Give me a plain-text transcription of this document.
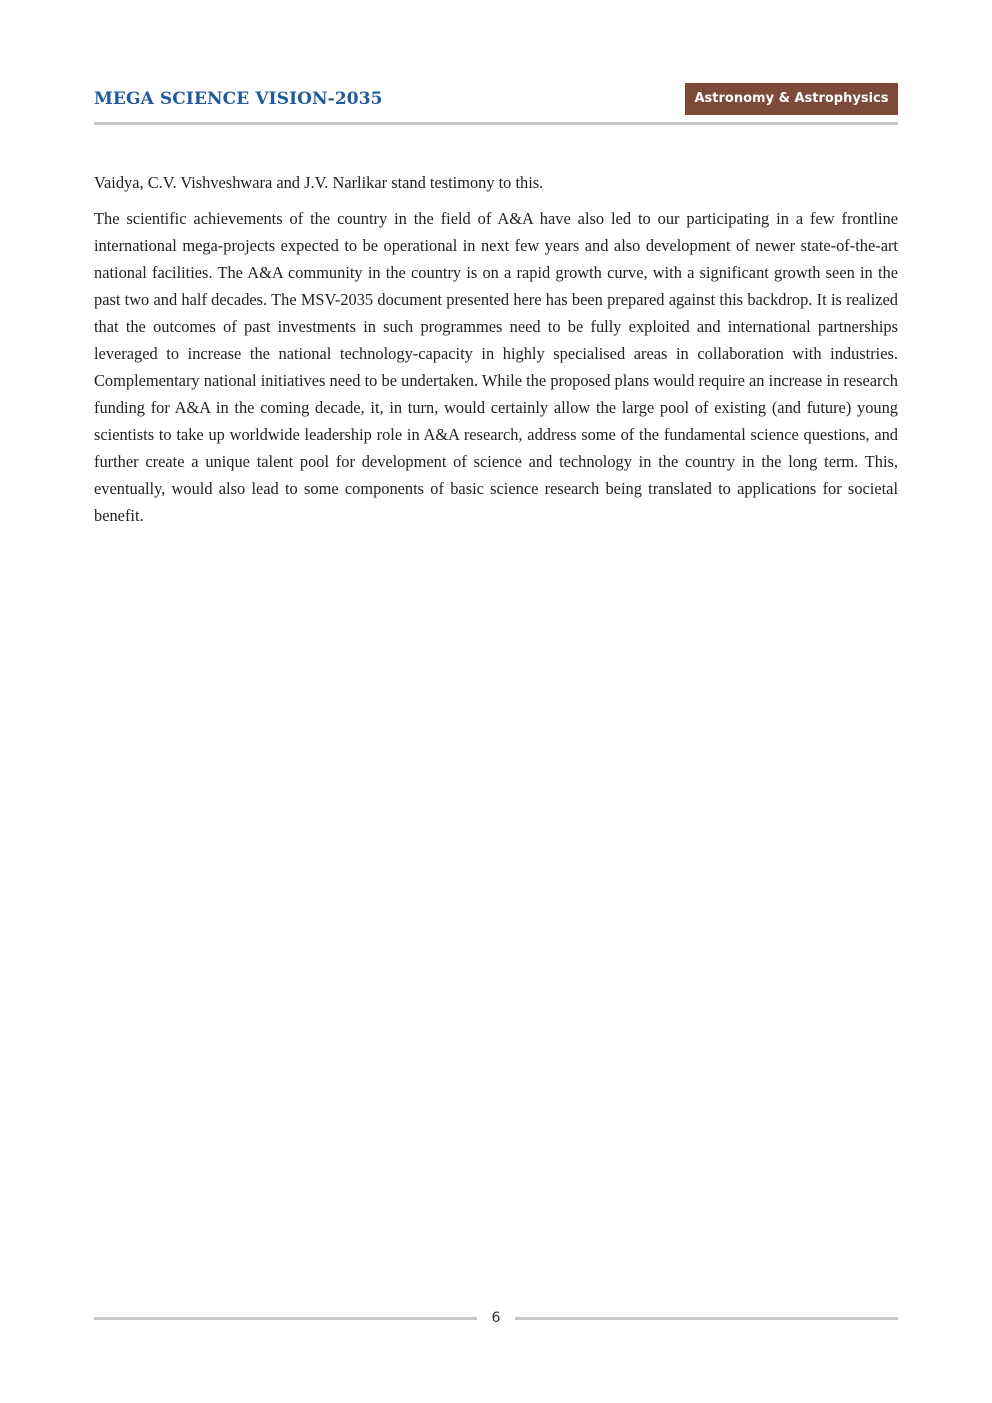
MEGA SCIENCE VISION-2035	Astronomy & Astrophysics

Vaidya, C.V. Vishveshwara and J.V. Narlikar stand testimony to this.

The scientific achievements of the country in the field of A&A have also led to our participating in a few frontline international mega-projects expected to be operational in next few years and also development of newer state-of-the-art national facilities. The A&A community in the country is on a rapid growth curve, with a significant growth seen in the past two and half decades. The MSV-2035 document presented here has been prepared against this backdrop. It is realized that the outcomes of past investments in such programmes need to be fully exploited and international partnerships leveraged to increase the national technology-capacity in highly specialised areas in collaboration with industries. Complementary national initiatives need to be undertaken. While the proposed plans would require an increase in research funding for A&A in the coming decade, it, in turn, would certainly allow the large pool of existing (and future) young scientists to take up worldwide leadership role in A&A research, address some of the fundamental science questions, and further create a unique talent pool for development of science and technology in the country in the long term. This, eventually, would also lead to some components of basic science research being translated to applications for societal benefit.

6
